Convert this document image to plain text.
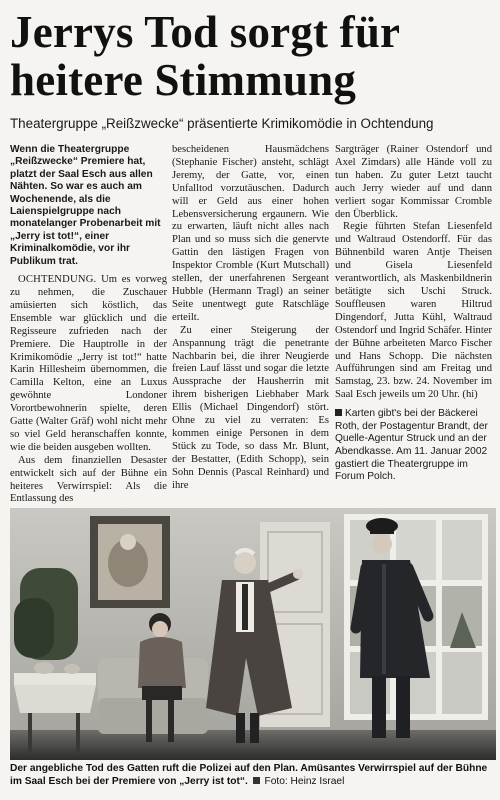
Jerrys Tod sorgt für
heitere Stimmung
Theatergruppe „Reißzwecke“ präsentierte Krimikomödie in Ochtendung

Wenn die Theatergruppe „Reißzwecke“ Premiere hat, platzt der Saal Esch aus allen Nähten. So war es auch am Wochenende, als die Laienspielgruppe nach monatelanger Probenarbeit mit „Jerry ist tot!“, einer Kriminalkomödie, vor ihr Publikum trat.

OCHTENDUNG. Um es vorweg zu nehmen, die Zuschauer amüsierten sich köstlich, das Ensemble war glücklich und die Regisseure zufrieden nach der Premiere. Die Hauptrolle in der Krimikomödie „Jerry ist tot!“ hatte Karin Hillesheim übernommen, die Camilla Kelton, eine an Luxus gewöhnte Londoner Vorortbewohnerin spielte, deren Gatte (Walter Gräf) wohl nicht mehr so viel Geld heranschaffen konnte, wie die beiden ausgeben wollten.

Aus dem finanziellen Desaster entwickelt sich auf der Bühne ein heiteres Verwirrspiel: Als die Entlassung des

bescheidenen Hausmädchens (Stephanie Fischer) ansteht, schlägt Jeremy, der Gatte, vor, einen Unfalltod vorzutäuschen. Dadurch will er Geld aus einer hohen Lebensversicherung ergaunern. Wie zu erwarten, läuft nicht alles nach Plan und so muss sich die genervte Gattin den lästigen Fragen von Inspektor Cromble (Kurt Mutschall) stellen, der unerfahrenen Sergeant Hubble (Hermann Tragl) an seiner Seite unentwegt gute Ratschläge erteilt.

Zu einer Steigerung der Anspannung trägt die penetrante Nachbarin bei, die ihrer Neugierde freien Lauf lässt und sogar die letzte Aussprache der Hausherrin mit ihrem bisherigen Liebhaber Mark Ellis (Michael Dingendorf) stört. Ohne zu viel zu verraten: Es kommen einige Personen in dem Stück zu Tode, so dass Mr. Blunt, der Bestatter, (Edith Schopp), sein Sohn Dennis (Pascal Reinhard) und ihre

Sargträger (Rainer Ostendorf und Axel Zimdars) alle Hände voll zu tun haben. Zu guter Letzt taucht auch Jerry wieder auf und dann verliert sogar Kommissar Cromble den Überblick.

Regie führten Stefan Liesenfeld und Waltraud Ostendorff. Für das Bühnenbild waren Antje Theisen und Gisela Liesenfeld verantwortlich, als Maskenbildnerin betätigte sich Uschi Struck. Souffleusen waren Hiltrud Dingendorf, Jutta Kühl, Waltraud Ostendorf und Ingrid Schäfer. Hinter der Bühne arbeiteten Marco Fischer und Hans Schopp. Die nächsten Aufführungen sind am Freitag und Samstag, 23. bzw. 24. November im Saal Esch jeweils um 20 Uhr. (hi)

Karten gibt's bei der Bäckerei Roth, der Postagentur Brandt, der Quelle-Agentur Struck und an der Abendkasse. Am 11. Januar 2002 gastiert die Theatergruppe im Forum Polch.

Der angebliche Tod des Gatten ruft die Polizei auf den Plan. Amüsantes Verwirrspiel auf der Bühne im Saal Esch bei der Premiere von „Jerry ist tot“. Foto: Heinz Israel
